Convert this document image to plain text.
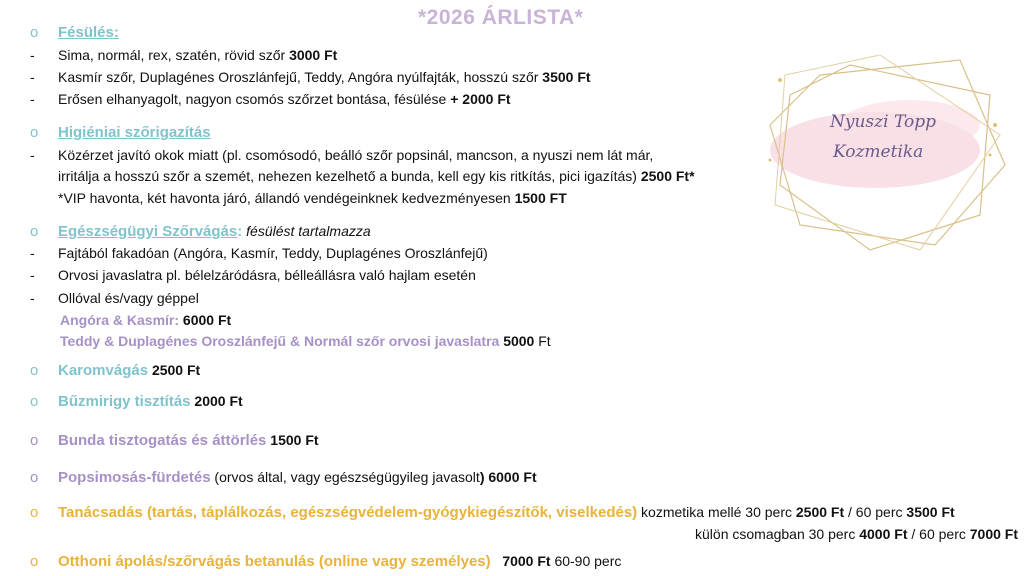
*2026 ÁRLISTA*
Nyuszi Topp
Kozmetika
o Fésülés:
- Sima, normál, rex, szatén, rövid szőr 3000 Ft
- Kasmír szőr, Duplagénes Oroszlánfejű, Teddy, Angóra nyúlfajták, hosszú szőr 3500 Ft
- Erősen elhanyagolt, nagyon csomós szőrzet bontása, fésülése + 2000 Ft
o Higiéniai szőrigazítás
- Közérzet javító okok miatt (pl. csomósodó, beálló szőr popsinál, mancson, a nyuszi nem lát már,
irritálja a hosszú szőr a szemét, nehezen kezelhető a bunda, kell egy kis ritkítás, pici igazítás) 2500 Ft*
*VIP havonta, két havonta járó, állandó vendégeinknek kedvezményesen 1500 FT
o Egészségügyi Szőrvágás: fésülést tartalmazza
- Fajtából fakadóan (Angóra, Kasmír, Teddy, Duplagénes Oroszlánfejű)
- Orvosi javaslatra pl. bélelzáródásra, bélleállásra való hajlam esetén
- Ollóval és/vagy géppel
Angóra & Kasmír: 6000 Ft
Teddy & Duplagénes Oroszlánfejű & Normál szőr orvosi javaslatra 5000 Ft
o Karomvágás 2500 Ft
o Bűzmirigy tisztítás 2000 Ft
o Bunda tisztogatás és áttörlés 1500 Ft
o Popsimosás-fürdetés (orvos által, vagy egészségügyileg javasolt) 6000 Ft
o Tanácsadás (tartás, táplálkozás, egészségvédelem-gyógykiegészítők, viselkedés) kozmetika mellé 30 perc 2500 Ft / 60 perc 3500 Ft
külön csomagban 30 perc 4000 Ft / 60 perc 7000 Ft
o Otthoni ápolás/szőrvágás betanulás (online vagy személyes) 7000 Ft 60-90 perc
